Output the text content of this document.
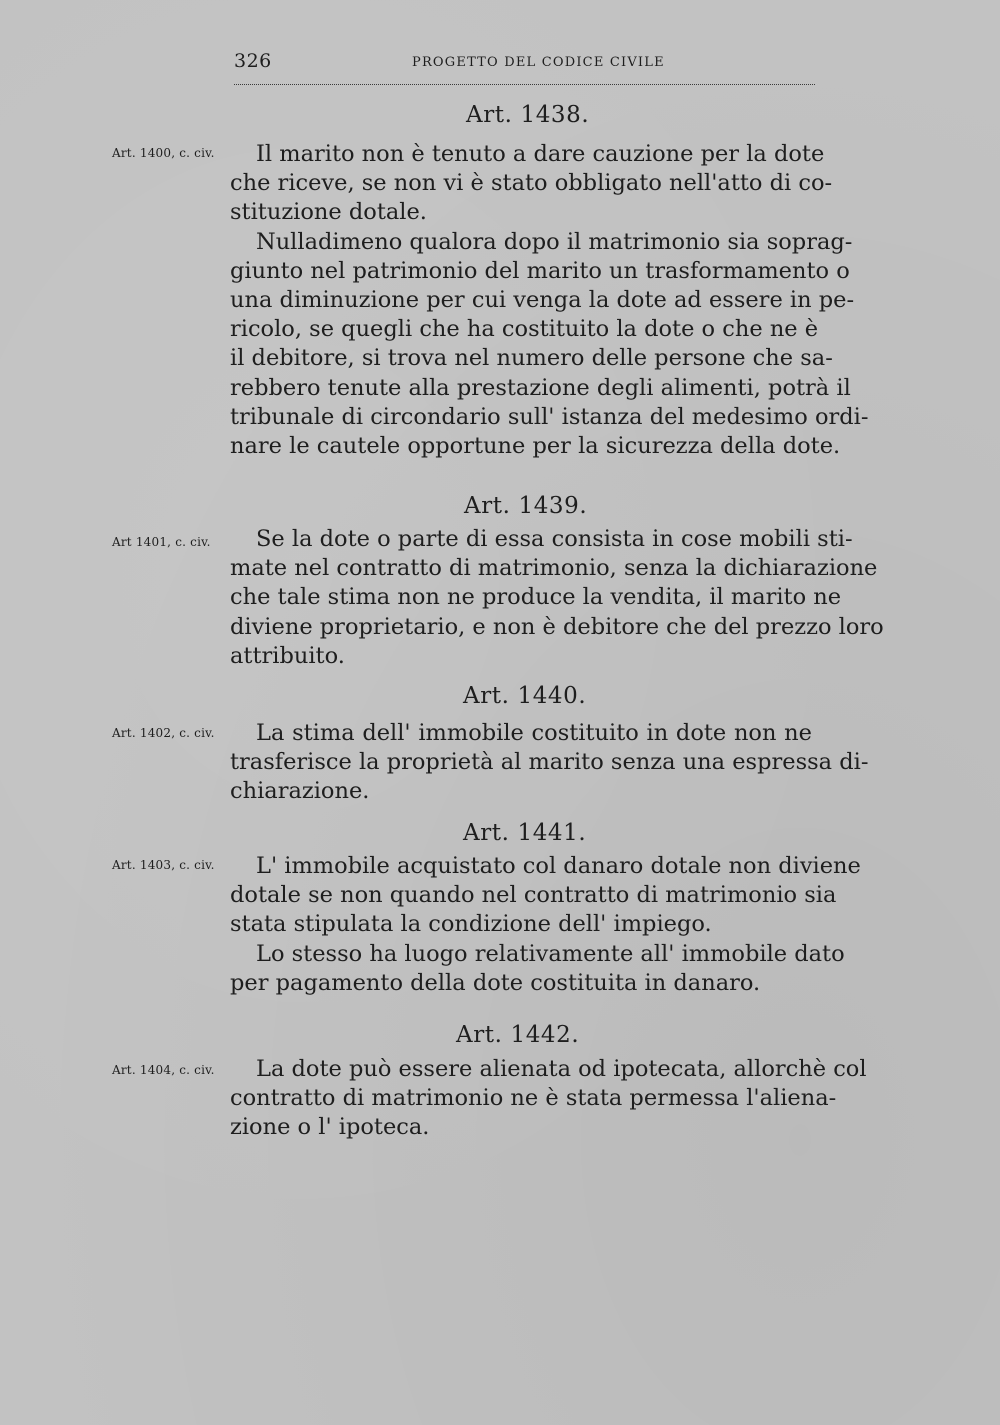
326	PROGETTO DEL CODICE CIVILE
Art. 1438.
Art. 1400, c. civ.	Il marito non è tenuto a dare cauzione per la dote
che riceve, se non vi è stato obbligato nell'atto di co-
stituzione dotale.
Nulladimeno qualora dopo il matrimonio sia soprag-
giunto nel patrimonio del marito un trasformamento o
una diminuzione per cui venga la dote ad essere in pe-
ricolo, se quegli che ha costituito la dote o che ne è
il debitore, si trova nel numero delle persone che sa-
rebbero tenute alla prestazione degli alimenti, potrà il
tribunale di circondario sull' istanza del medesimo ordi-
nare le cautele opportune per la sicurezza della dote.
Art. 1439.
Art 1401, c. civ.	Se la dote o parte di essa consista in cose mobili sti-
mate nel contratto di matrimonio, senza la dichiarazione
che tale stima non ne produce la vendita, il marito ne
diviene proprietario, e non è debitore che del prezzo loro
attribuito.
Art. 1440.
Art. 1402, c. civ.	La stima dell' immobile costituito in dote non ne
trasferisce la proprietà al marito senza una espressa di-
chiarazione.
Art. 1441.
Art. 1403, c. civ.	L' immobile acquistato col danaro dotale non diviene
dotale se non quando nel contratto di matrimonio sia
stata stipulata la condizione dell' impiego.
Lo stesso ha luogo relativamente all' immobile dato
per pagamento della dote costituita in danaro.
Art. 1442.
Art. 1404, c. civ.	La dote può essere alienata od ipotecata, allorchè col
contratto di matrimonio ne è stata permessa l'aliena-
zione o l' ipoteca.
